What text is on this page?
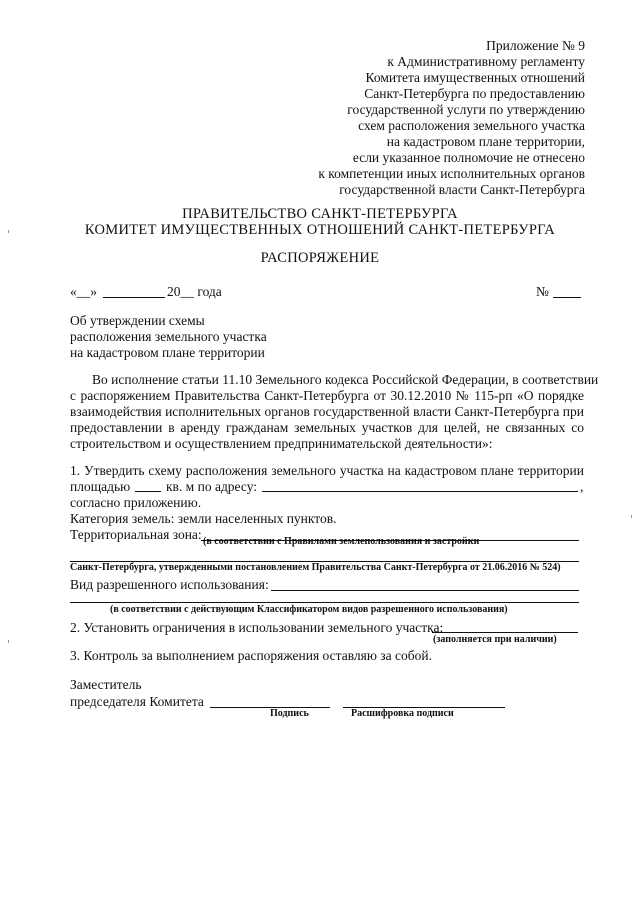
Приложение № 9
к Административному регламенту
Комитета имущественных отношений
Санкт-Петербурга по предоставлению
государственной услуги по утверждению
схем расположения земельного участка
на кадастровом плане территории,
если указанное полномочие не отнесено
к компетенции иных исполнительных органов
государственной власти Санкт-Петербурга
ПРАВИТЕЛЬСТВО САНКТ-ПЕТЕРБУРГА
КОМИТЕТ ИМУЩЕСТВЕННЫХ ОТНОШЕНИЙ САНКТ-ПЕТЕРБУРГА
РАСПОРЯЖЕНИЕ
«__»	20__ года	№
Об утверждении схемы
расположения земельного участка
на кадастровом плане территории
Во исполнение статьи 11.10 Земельного кодекса Российской Федерации, в соответствии
с распоряжением Правительства Санкт-Петербурга от 30.12.2010 № 115-рп «О порядке
взаимодействия исполнительных органов государственной власти Санкт-Петербурга при
предоставлении в аренду гражданам земельных участков для целей, не связанных со
строительством и осуществлением предпринимательской деятельности»:
1. Утвердить схему расположения земельного участка на кадастровом плане территории
площадью	кв. м по адресу:	,
согласно приложению.
Категория земель: земли населенных пунктов.
Территориальная зона: (в соответствии с Правилами землепользования и застройки
Санкт-Петербурга, утвержденными постановлением Правительства Санкт-Петербурга от 21.06.2016 № 524)
Вид разрешенного использования:
(в соответствии с действующим Классификатором видов разрешенного использования)
2. Установить ограничения в использовании земельного участка:
(заполняется при наличии)
3. Контроль за выполнением распоряжения оставляю за собой.
Заместитель
председателя Комитета
Подпись	Расшифровка подписи
